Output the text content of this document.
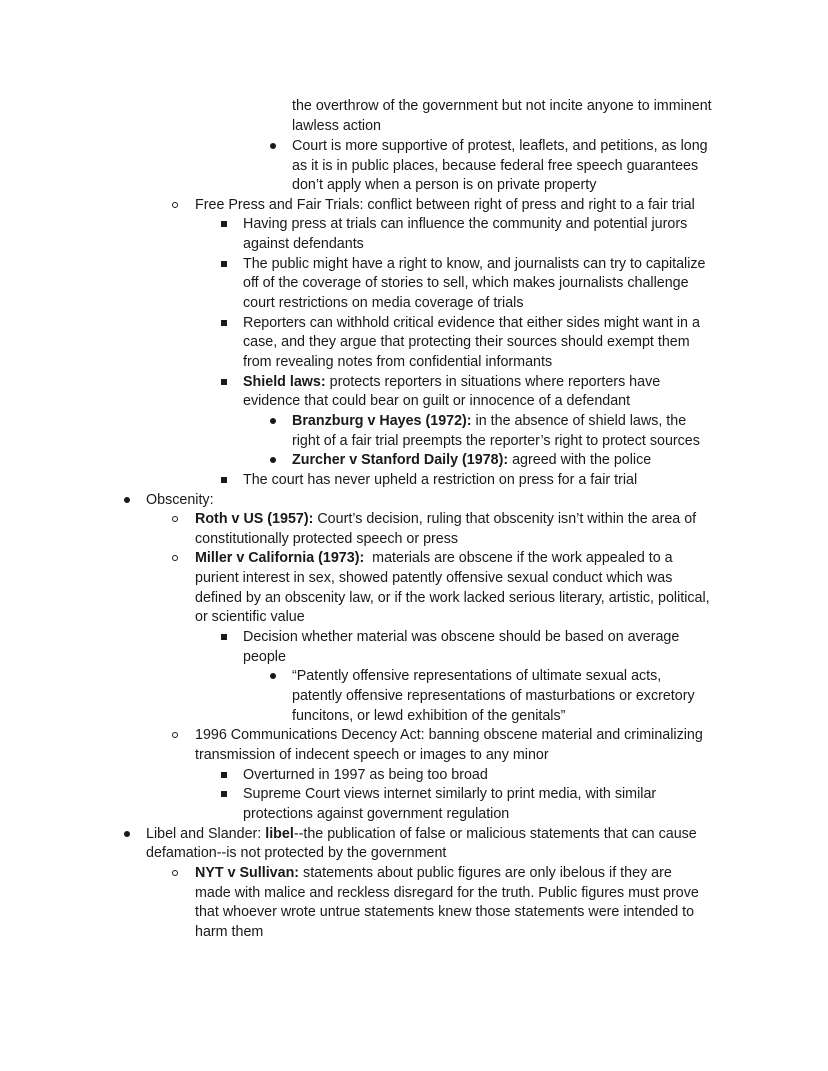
the overthrow of the government but not incite anyone to imminent
lawless action
Court is more supportive of protest, leaflets, and petitions, as long
as it is in public places, because federal free speech guarantees
don’t apply when a person is on private property
Free Press and Fair Trials: conflict between right of press and right to a fair trial
Having press at trials can influence the community and potential jurors
against defendants
The public might have a right to know, and journalists can try to capitalize
off of the coverage of stories to sell, which makes journalists challenge
court restrictions on media coverage of trials
Reporters can withhold critical evidence that either sides might want in a
case, and they argue that protecting their sources should exempt them
from revealing notes from confidential informants
Shield laws: protects reporters in situations where reporters have
evidence that could bear on guilt or innocence of a defendant
Branzburg v Hayes (1972): in the absence of shield laws, the
right of a fair trial preempts the reporter’s right to protect sources
Zurcher v Stanford Daily (1978): agreed with the police
The court has never upheld a restriction on press for a fair trial
Obscenity:
Roth v US (1957): Court’s decision, ruling that obscenity isn’t within the area of
constitutionally protected speech or press
Miller v California (1973):  materials are obscene if the work appealed to a
purient interest in sex, showed patently offensive sexual conduct which was
defined by an obscenity law, or if the work lacked serious literary, artistic, political,
or scientific value
Decision whether material was obscene should be based on average
people
“Patently offensive representations of ultimate sexual acts,
patently offensive representations of masturbations or excretory
funcitons, or lewd exhibition of the genitals”
1996 Communications Decency Act: banning obscene material and criminalizing
transmission of indecent speech or images to any minor
Overturned in 1997 as being too broad
Supreme Court views internet similarly to print media, with similar
protections against government regulation
Libel and Slander: libel--the publication of false or malicious statements that can cause
defamation--is not protected by the government
NYT v Sullivan: statements about public figures are only ibelous if they are
made with malice and reckless disregard for the truth. Public figures must prove
that whoever wrote untrue statements knew those statements were intended to
harm them
